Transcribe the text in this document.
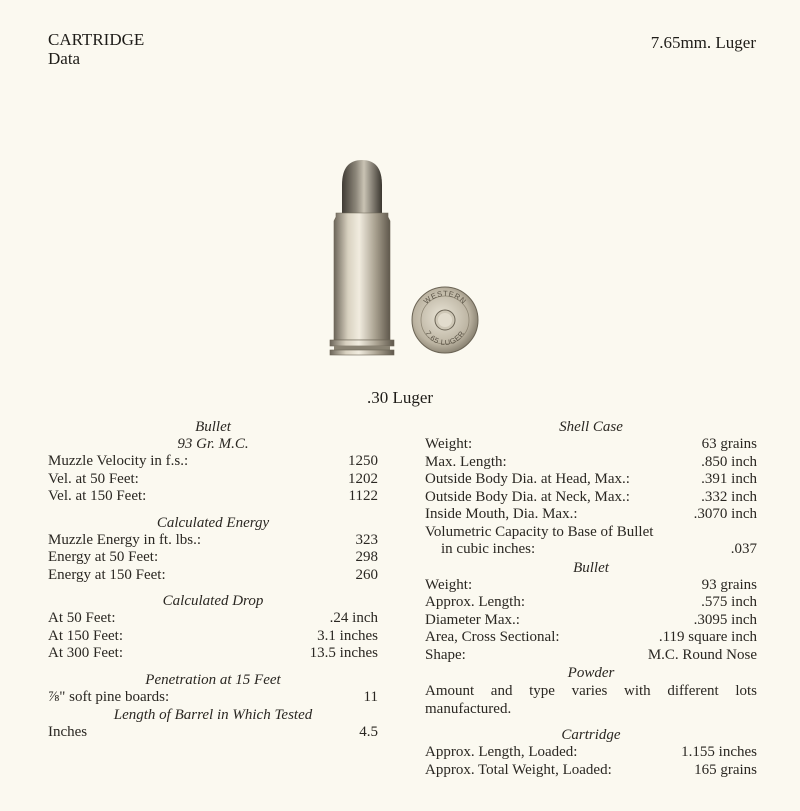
CARTRIDGE
Data
7.65mm. Luger
WESTERN
7.65 LUGER
.30 Luger
Bullet
93 Gr. M.C.
Muzzle Velocity in f.s.:	1250
Vel. at 50 Feet:	1202
Vel. at 150 Feet:	1122
Calculated Energy
Muzzle Energy in ft. lbs.:	323
Energy at 50 Feet:	298
Energy at 150 Feet:	260
Calculated Drop
At 50 Feet:	.24 inch
At 150 Feet:	3.1 inches
At 300 Feet:	13.5 inches
Penetration at 15 Feet
⅞" soft pine boards:	11
Length of Barrel in Which Tested
Inches	4.5
Shell Case
Weight:	63 grains
Max. Length:	.850 inch
Outside Body Dia. at Head, Max.:	.391 inch
Outside Body Dia. at Neck, Max.:	.332 inch
Inside Mouth, Dia. Max.:	.3070 inch
Volumetric Capacity to Base of Bullet
in cubic inches:	.037
Bullet
Weight:	93 grains
Approx. Length:	.575 inch
Diameter Max.:	.3095 inch
Area, Cross Sectional:	.119 square inch
Shape:	M.C. Round Nose
Powder
Amount and type varies with different lots manufactured.
Cartridge
Approx. Length, Loaded:	1.155 inches
Approx. Total Weight, Loaded:	165 grains
